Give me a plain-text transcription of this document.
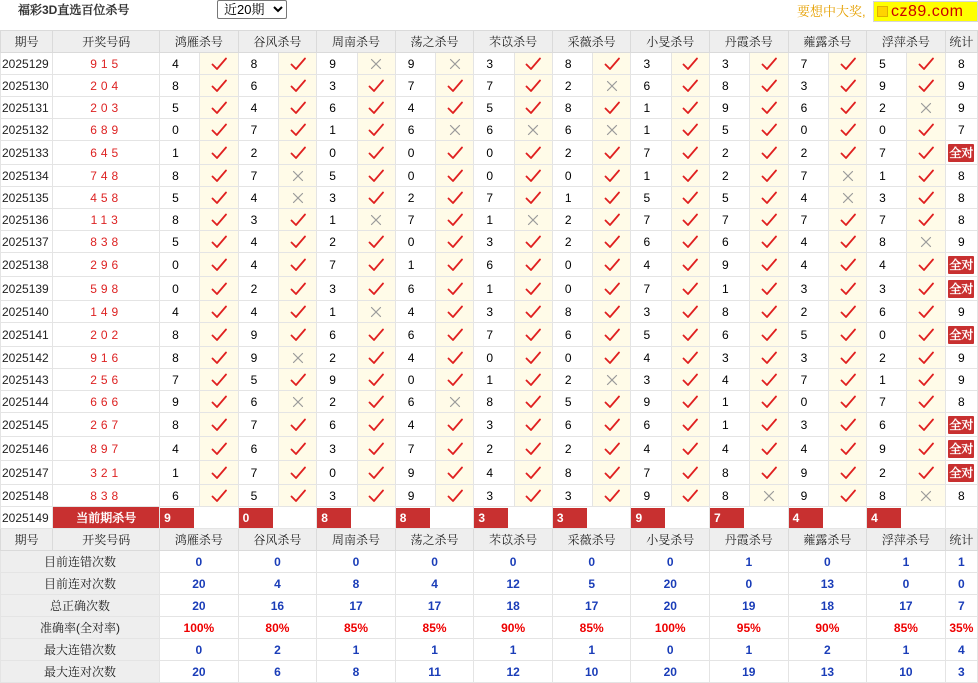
福彩3D直选百位杀号
近20期	要想中大奖, cz89.com
期号	开奖号码	鸿雁杀号		谷风杀号		周南杀号		荡之杀号		芣苡杀号		采薇杀号		小旻杀号		丹霞杀号		蕹露杀号		浮萍杀号		统计
2025129	915	4		8		9		9		3		8		3		3		7		5		8
2025130	204	8		6		3		7		7		2		6		8		3		9		9
2025131	203	5		4		6		4		5		8		1		9		6		2		9
2025132	689	0		7		1		6		6		6		1		5		0		0		7
2025133	645	1		2		0		0		0		2		7		2		2		7		全对
2025134	748	8		7		5		0		0		0		1		2		7		1		8
2025135	458	5		4		3		2		7		1		5		5		4		3		8
2025136	113	8		3		1		7		1		2		7		7		7		7		8
2025137	838	5		4		2		0		3		2		6		6		4		8		9
2025138	296	0		4		7		1		6		0		4		9		4		4		全对
2025139	598	0		2		3		6		1		0		7		1		3		3		全对
2025140	149	4		4		1		4		3		8		3		8		2		6		9
2025141	202	8		9		6		6		7		6		5		6		5		0		全对
2025142	916	8		9		2		4		0		0		4		3		3		2		9
2025143	256	7		5		9		0		1		2		3		4		7		1		9
2025144	666	9		6		2		6		8		5		9		1		0		7		8
2025145	267	8		7		6		4		3		6		6		1		3		6		全对
2025146	897	4		6		3		7		2		2		4		4		4		9		全对
2025147	321	1		7		0		9		4		8		7		8		9		2		全对
2025148	838	6		5		3		9		3		3		9		8		9		8		8
2025149	当前期杀号	9		0		8		8		3		3		9		7		4		4		
期号	开奖号码	鸿雁杀号		谷风杀号		周南杀号		荡之杀号		芣苡杀号		采薇杀号		小旻杀号		丹霞杀号		蕹露杀号		浮萍杀号		统计

目前连错次数		0		0		0		0		0		0		0		1		0		1		1

目前连对次数		20		4		8		4		12		5		20		0		13		0		0

总正确次数		20		16		17		17		18		17		20		19		18		17		7

准确率(全对率)		100%		80%		85%		85%		90%		85%		100%		95%		90%		85%		35%

最大连错次数		0		2		1		1		1		1		0		1		2		1		4

最大连对次数		20		6		8		11		12		10		20		19		13		10		3
